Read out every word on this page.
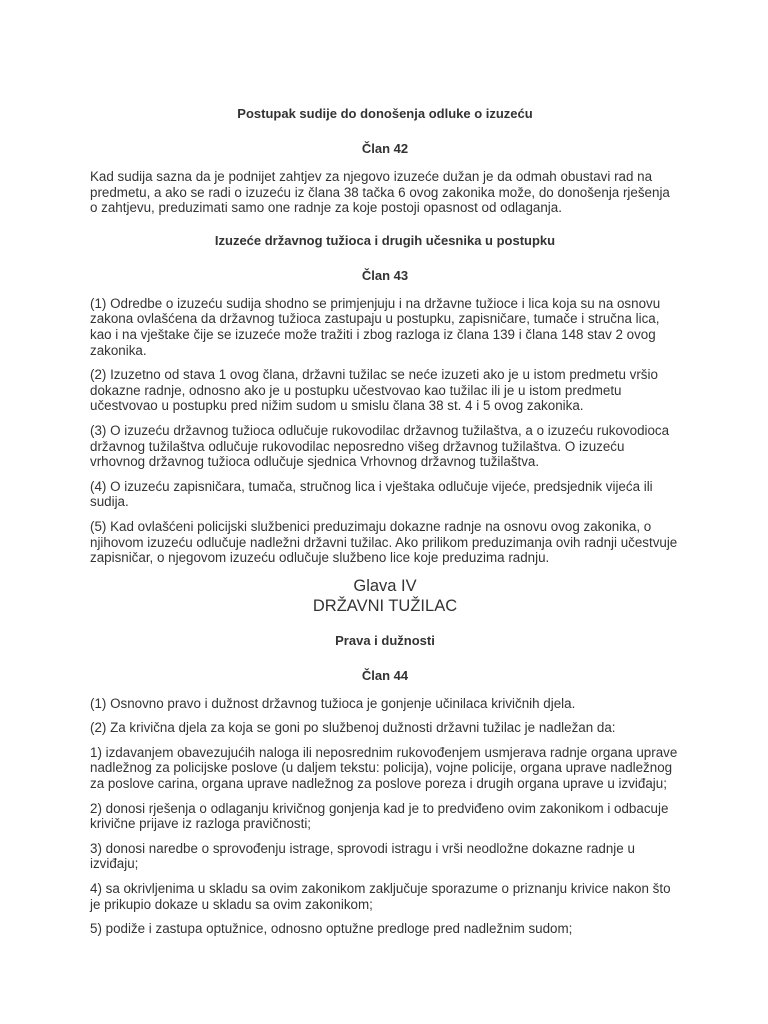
Postupak sudije do donošenja odluke o izuzeću
Član 42
Kad sudija sazna da je podnijet zahtjev za njegovo izuzeće dužan je da odmah obustavi rad na predmetu, a ako se radi o izuzeću iz člana 38 tačka 6 ovog zakonika može, do donošenja rješenja o zahtjevu, preduzimati samo one radnje za koje postoji opasnost od odlaganja.
Izuzeće državnog tužioca i drugih učesnika u postupku
Član 43
(1) Odredbe o izuzeću sudija shodno se primjenjuju i na državne tužioce i lica koja su na osnovu zakona ovlašćena da državnog tužioca zastupaju u postupku, zapisničare, tumače i stručna lica, kao i na vještake čije se izuzeće može tražiti i zbog razloga iz člana 139 i člana 148 stav 2 ovog zakonika.
(2) Izuzetno od stava 1 ovog člana, državni tužilac se neće izuzeti ako je u istom predmetu vršio dokazne radnje, odnosno ako je u postupku učestvovao kao tužilac ili je u istom predmetu učestvovao u postupku pred nižim sudom u smislu člana 38 st. 4 i 5 ovog zakonika.
(3) O izuzeću državnog tužioca odlučuje rukovodilac državnog tužilaštva, a o izuzeću rukovodioca državnog tužilaštva odlučuje rukovodilac neposredno višeg državnog tužilaštva. O izuzeću vrhovnog državnog tužioca odlučuje sjednica Vrhovnog državnog tužilaštva.
(4) O izuzeću zapisničara, tumača, stručnog lica i vještaka odlučuje vijeće, predsjednik vijeća ili sudija.
(5) Kad ovlašćeni policijski službenici preduzimaju dokazne radnje na osnovu ovog zakonika, o njihovom izuzeću odlučuje nadležni državni tužilac. Ako prilikom preduzimanja ovih radnji učestvuje zapisničar, o njegovom izuzeću odlučuje službeno lice koje preduzima radnju.
Glava IV
DRŽAVNI TUŽILAC
Prava i dužnosti
Član 44
(1) Osnovno pravo i dužnost državnog tužioca je gonjenje učinilaca krivičnih djela.
(2) Za krivična djela za koja se goni po službenoj dužnosti državni tužilac je nadležan da:
1) izdavanjem obavezujućih naloga ili neposrednim rukovođenjem usmjerava radnje organa uprave nadležnog za policijske poslove (u daljem tekstu: policija), vojne policije, organa uprave nadležnog za poslove carina, organa uprave nadležnog za poslove poreza i drugih organa uprave u izviđaju;
2) donosi rješenja o odlaganju krivičnog gonjenja kad je to predviđeno ovim zakonikom i odbacuje krivične prijave iz razloga pravičnosti;
3) donosi naredbe o sprovođenju istrage, sprovodi istragu i vrši neodložne dokazne radnje u izviđaju;
4) sa okrivljenima u skladu sa ovim zakonikom zaključuje sporazume o priznanju krivice nakon što je prikupio dokaze u skladu sa ovim zakonikom;
5) podiže i zastupa optužnice, odnosno optužne predloge pred nadležnim sudom;
